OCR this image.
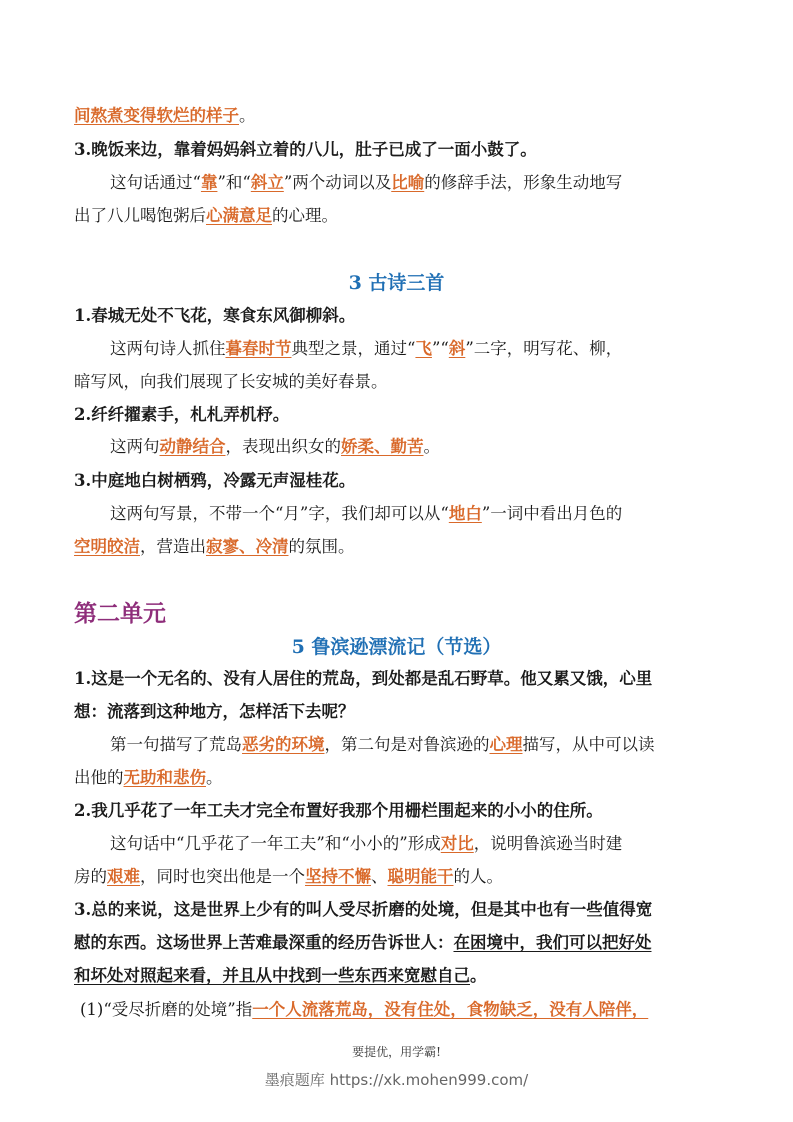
间熬煮变得软烂的样子。
3.晚饭来边，靠着妈妈斜立着的八儿，肚子已成了一面小鼓了。
这句话通过“靠”和“斜立”两个动词以及比喻的修辞手法，形象生动地写
出了八儿喝饱粥后心满意足的心理。
3 古诗三首
1.春城无处不飞花，寒食东风御柳斜。
这两句诗人抓住暮春时节典型之景，通过“飞”“斜”二字，明写花、柳，
暗写风，向我们展现了长安城的美好春景。
2.纤纤擢素手，札札弄机杼。
这两句动静结合，表现出织女的娇柔、勤苦。
3.中庭地白树栖鸦，冷露无声湿桂花。
这两句写景，不带一个“月”字，我们却可以从“地白”一词中看出月色的
空明皎洁，营造出寂寥、冷清的氛围。
第二单元
5 鲁滨逊漂流记（节选）
1.这是一个无名的、没有人居住的荒岛，到处都是乱石野草。他又累又饿，心里
想：流落到这种地方，怎样活下去呢？
第一句描写了荒岛恶劣的环境，第二句是对鲁滨逊的心理描写，从中可以读
出他的无助和悲伤。
2.我几乎花了一年工夫才完全布置好我那个用栅栏围起来的小小的住所。
这句话中“几乎花了一年工夫”和“小小的”形成对比，说明鲁滨逊当时建
房的艰难，同时也突出他是一个坚持不懈、聪明能干的人。
3.总的来说，这是世界上少有的叫人受尽折磨的处境，但是其中也有一些值得宽
慰的东西。这场世界上苦难最深重的经历告诉世人：在困境中，我们可以把好处
和坏处对照起来看，并且从中找到一些东西来宽慰自己。
(1)“受尽折磨的处境”指一个人流落荒岛，没有住处，食物缺乏，没有人陪伴，
要提优，用学霸!
墨痕题库 https://xk.mohen999.com/
